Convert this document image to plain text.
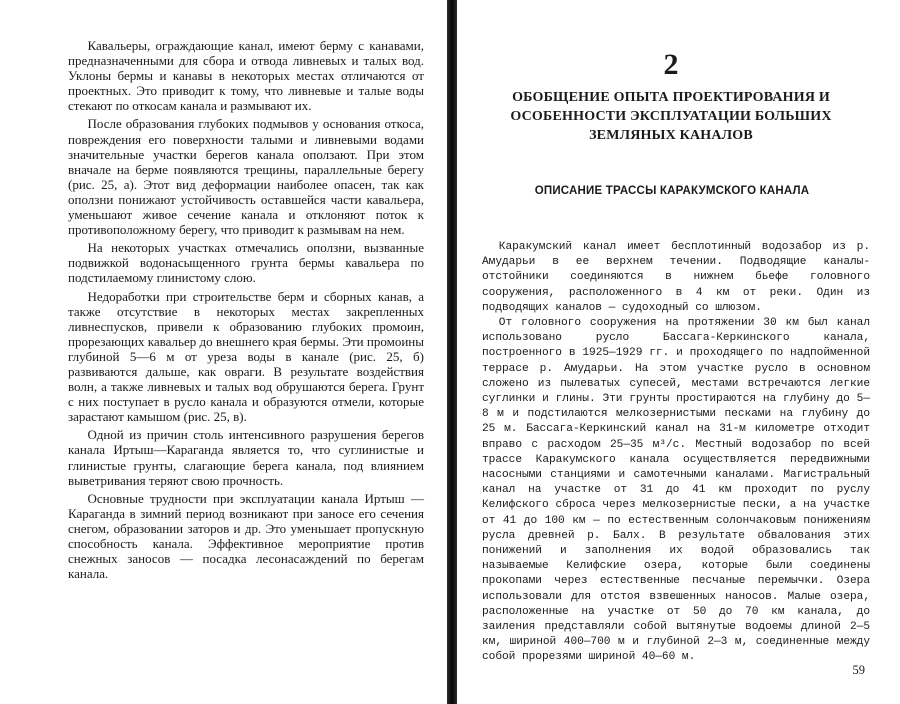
Кавальеры, ограждающие канал, имеют берму с канавами, предназначенными для сбора и отвода ливневых и талых вод. Уклоны бермы и канавы в некоторых местах отличаются от проектных. Это приводит к тому, что ливневые и талые воды стекают по откосам канала и размывают их.

После образования глубоких подмывов у основания откоса, повреждения его поверхности талыми и ливневыми водами значительные участки берегов канала оползают. При этом вначале на берме появляются трещины, параллельные берегу (рис. 25, а). Этот вид деформации наиболее опасен, так как оползни понижают устойчивость оставшейся части кавальера, уменьшают живое сечение канала и отклоняют поток к противоположному берегу, что приводит к размывам на нем.

На некоторых участках отмечались оползни, вызванные подвижкой водонасыщенного грунта бермы кавальера по подстилаемому глинистому слою.

Недоработки при строительстве берм и сборных канав, а также отсутствие в некоторых местах закрепленных ливнеспусков, привели к образованию глубоких промоин, прорезающих кавальер до внешнего края бермы. Эти промоины глубиной 5—6 м от уреза воды в канале (рис. 25, б) развиваются дальше, как овраги. В результате воздействия волн, а также ливневых и талых вод обрушаются берега. Грунт с них поступает в русло канала и образуются отмели, которые зарастают камышом (рис. 25, в).

Одной из причин столь интенсивного разрушения берегов канала Иртыш—Караганда является то, что суглинистые и глинистые грунты, слагающие берега канала, под влиянием выветривания теряют свою прочность.

Основные трудности при эксплуатации канала Иртыш — Караганда в зимний период возникают при заносе его сечения снегом, образовании заторов и др. Это уменьшает пропускную способность канала. Эффективное мероприятие против снежных заносов — посадка лесонасаждений по берегам канала.

2
ОБОБЩЕНИЕ ОПЫТА ПРОЕКТИРОВАНИЯ И ОСОБЕННОСТИ ЭКСПЛУАТАЦИИ БОЛЬШИХ ЗЕМЛЯНЫХ КАНАЛОВ
ОПИСАНИЕ ТРАССЫ КАРАКУМСКОГО КАНАЛА

Каракумский канал имеет бесплотинный водозабор из р. Амударьи в ее верхнем течении. Подводящие каналы-отстойники соединяются в нижнем бьефе головного сооружения, расположенного в 4 км от реки. Один из подводящих каналов — судоходный со шлюзом.

От головного сооружения на протяжении 30 км был канал использовано русло Бассага-Керкинского канала, построенного в 1925—1929 гг. и проходящего по надпойменной террасе р. Амударьи. На этом участке русло в основном сложено из пылеватых супесей, местами встречаются легкие суглинки и глины. Эти грунты простираются на глубину до 5—8 м и подстилаются мелкозернистыми песками на глубину до 25 м. Бассага-Керкинский канал на 31-м километре отходит вправо с расходом 25—35 м³/с. Местный водозабор по всей трассе Каракумского канала осуществляется передвижными насосными станциями и самотечными каналами. Магистральный канал на участке от 31 до 41 км проходит по руслу Келифского сброса через мелкозернистые пески, а на участке от 41 до 100 км — по естественным солончаковым понижениям русла древней р. Балх. В результате обвалования этих понижений и заполнения их водой образовались так называемые Келифские озера, которые были соединены прокопами через естественные песчаные перемычки. Озера использовали для отстоя взвешенных наносов. Малые озера, расположенные на участке от 50 до 70 км канала, до заиления представляли собой вытянутые водоемы длиной 2—5 км, шириной 400—700 м и глубиной 2—3 м, соединенные между собой прорезями шириной 40—60 м.

59
